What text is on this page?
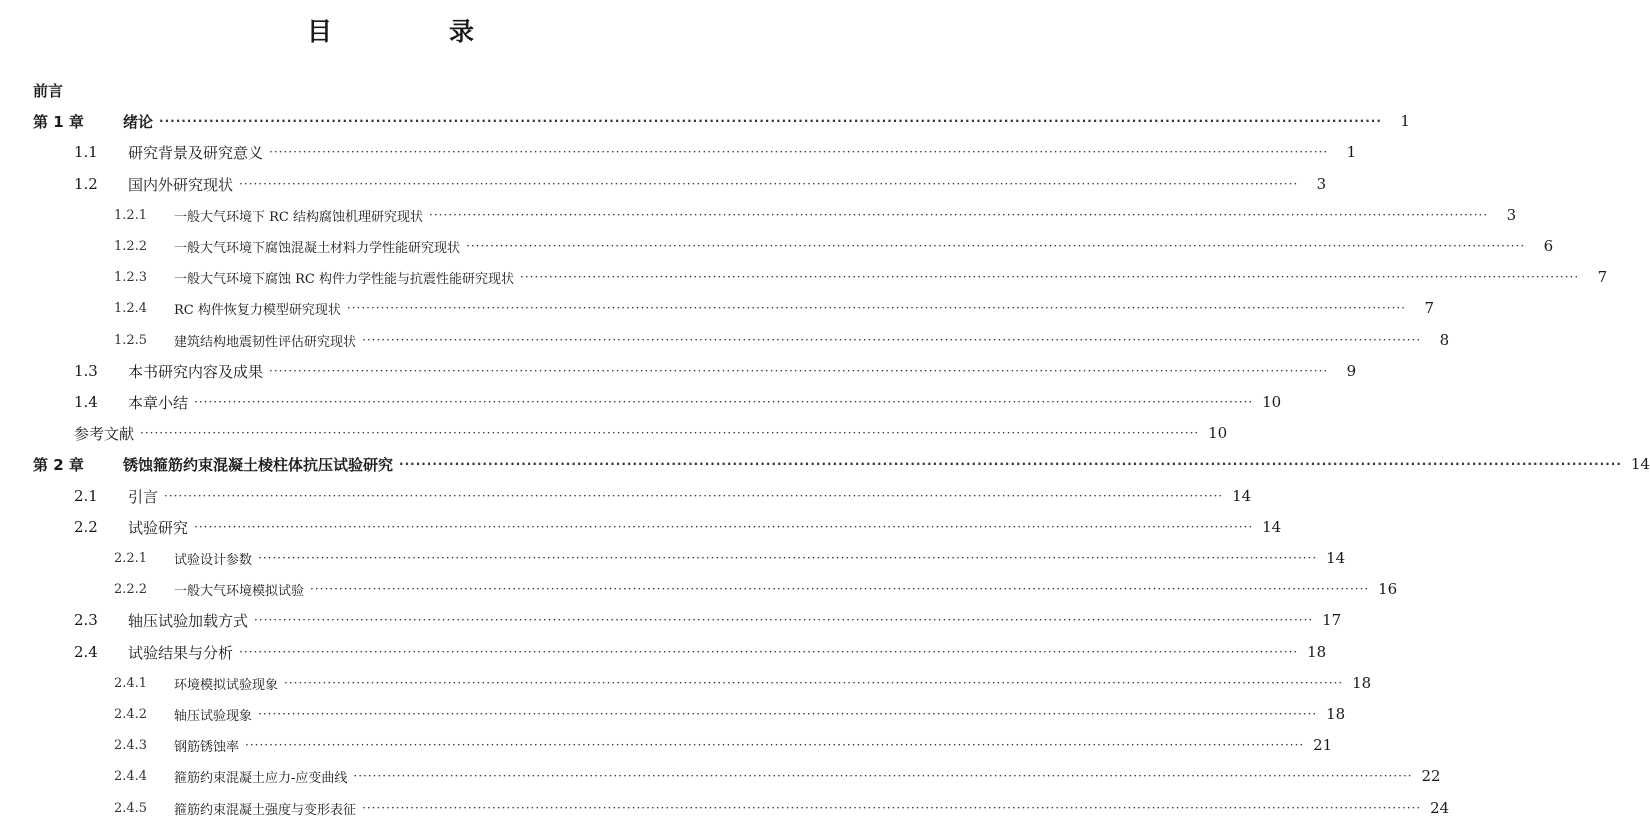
目　录
前言
第 1 章	绪论 ····························································································································································································································	1
1.1	研究背景及研究意义 ····························································································································································································································	1
1.2	国内外研究现状 ····························································································································································································································	3
1.2.1	一般大气环境下 RC 结构腐蚀机理研究现状 ····························································································································································································································	3
1.2.2	一般大气环境下腐蚀混凝土材料力学性能研究现状 ····························································································································································································································	6
1.2.3	一般大气环境下腐蚀 RC 构件力学性能与抗震性能研究现状 ····························································································································································································································	7
1.2.4	RC 构件恢复力模型研究现状 ····························································································································································································································	7
1.2.5	建筑结构地震韧性评估研究现状 ····························································································································································································································	8
1.3	本书研究内容及成果 ····························································································································································································································	9
1.4	本章小结 ···························································································································································································································· 10
参考文献 ···························································································································································································································· 10
第 2 章	锈蚀箍筋约束混凝土棱柱体抗压试验研究 ···························································································································································································································· 14
2.1	引言 ···························································································································································································································· 14
2.2	试验研究 ···························································································································································································································· 14
2.2.1	试验设计参数 ···························································································································································································································· 14
2.2.2	一般大气环境模拟试验 ···························································································································································································································· 16
2.3	轴压试验加载方式 ···························································································································································································································· 17
2.4	试验结果与分析 ···························································································································································································································· 18
2.4.1	环境模拟试验现象 ···························································································································································································································· 18
2.4.2	轴压试验现象 ···························································································································································································································· 18
2.4.3	钢筋锈蚀率 ···························································································································································································································· 21
2.4.4	箍筋约束混凝土应力-应变曲线 ···························································································································································································································· 22
2.4.5	箍筋约束混凝土强度与变形表征 ···························································································································································································································· 24
